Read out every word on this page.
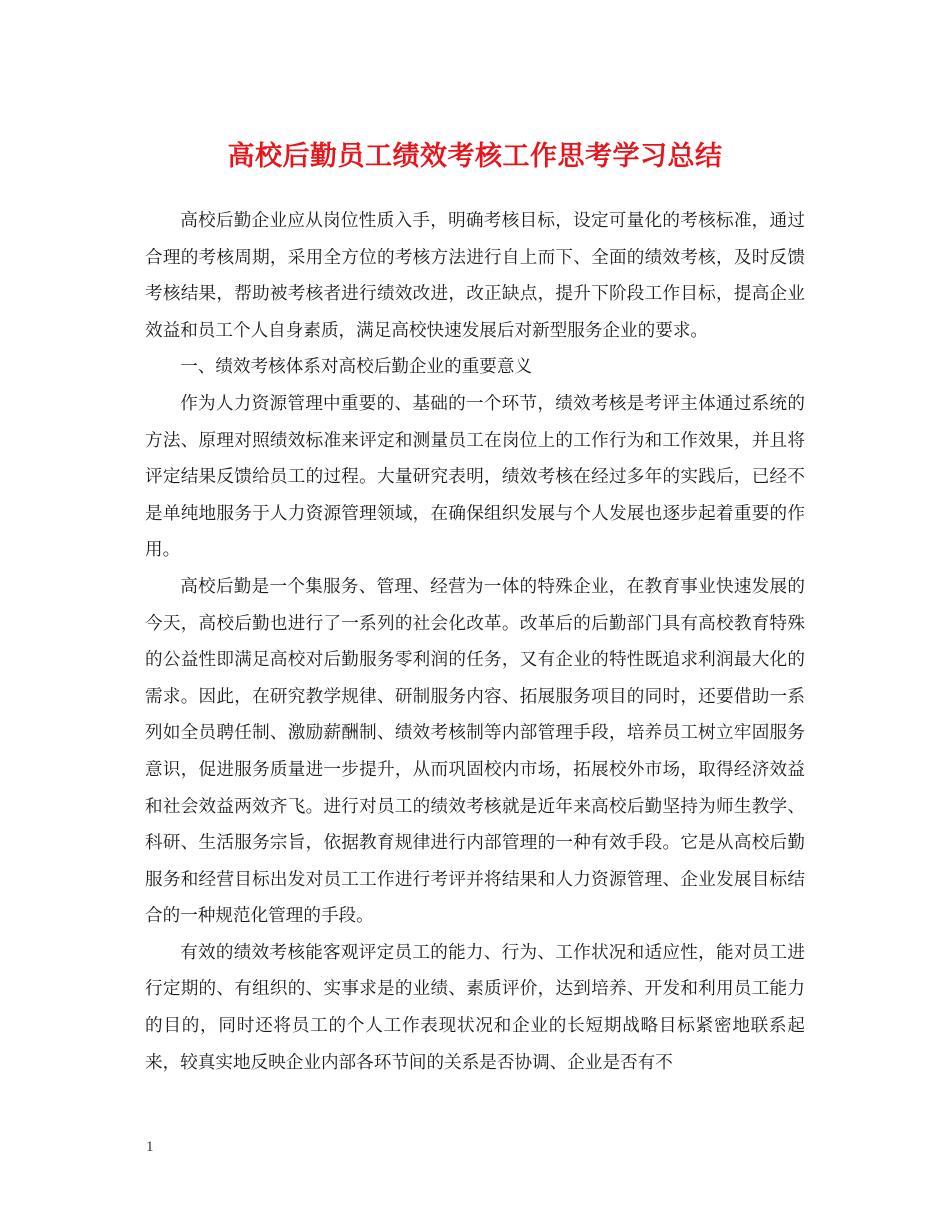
高校后勤员工绩效考核工作思考学习总结

高校后勤企业应从岗位性质入手，明确考核目标，设定可量化的考核标准，通过合理的考核周期，采用全方位的考核方法进行自上而下、全面的绩效考核，及时反馈考核结果，帮助被考核者进行绩效改进，改正缺点，提升下阶段工作目标，提高企业效益和员工个人自身素质，满足高校快速发展后对新型服务企业的要求。

一、绩效考核体系对高校后勤企业的重要意义

作为人力资源管理中重要的、基础的一个环节，绩效考核是考评主体通过系统的方法、原理对照绩效标准来评定和测量员工在岗位上的工作行为和工作效果，并且将评定结果反馈给员工的过程。大量研究表明，绩效考核在经过多年的实践后，已经不是单纯地服务于人力资源管理领域，在确保组织发展与个人发展也逐步起着重要的作用。

高校后勤是一个集服务、管理、经营为一体的特殊企业，在教育事业快速发展的今天，高校后勤也进行了一系列的社会化改革。改革后的后勤部门具有高校教育特殊的公益性即满足高校对后勤服务零利润的任务，又有企业的特性既追求利润最大化的需求。因此，在研究教学规律、研制服务内容、拓展服务项目的同时，还要借助一系列如全员聘任制、激励薪酬制、绩效考核制等内部管理手段，培养员工树立牢固服务意识，促进服务质量进一步提升，从而巩固校内市场，拓展校外市场，取得经济效益和社会效益两效齐飞。进行对员工的绩效考核就是近年来高校后勤坚持为师生教学、科研、生活服务宗旨，依据教育规律进行内部管理的一种有效手段。它是从高校后勤服务和经营目标出发对员工工作进行考评并将结果和人力资源管理、企业发展目标结合的一种规范化管理的手段。

有效的绩效考核能客观评定员工的能力、行为、工作状况和适应性，能对员工进行定期的、有组织的、实事求是的业绩、素质评价，达到培养、开发和利用员工能力的目的，同时还将员工的个人工作表现状况和企业的长短期战略目标紧密地联系起来，较真实地反映企业内部各环节间的关系是否协调、企业是否有不

1
